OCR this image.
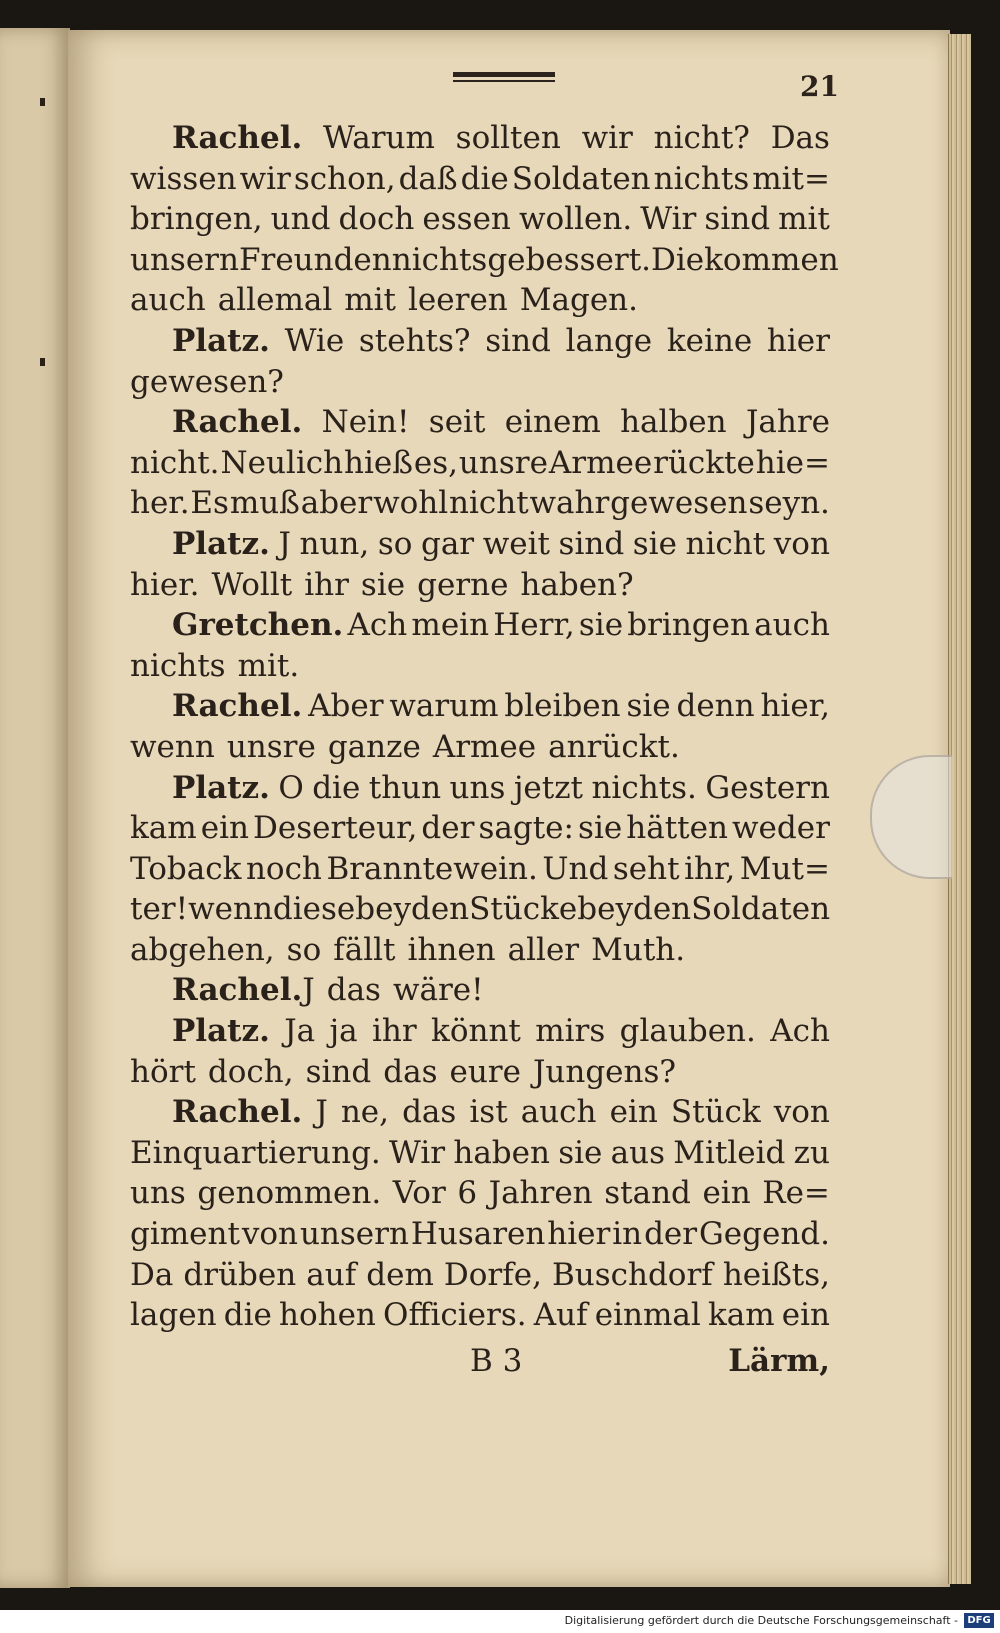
21
Rachel. Warum sollten wir nicht? Das
wissen wir schon, daß die Soldaten nichts mit=
bringen, und doch essen wollen. Wir sind mit
unsern Freunden nichts gebessert. Die kommen
auch allemal mit leeren Magen.
Platz. Wie stehts? sind lange keine hier
gewesen?
Rachel. Nein! seit einem halben Jahre
nicht. Neulich hieß es, unsre Armee rückte hie=
her. Es muß aber wohl nicht wahr gewesen seyn.
Platz. J nun, so gar weit sind sie nicht von
hier. Wollt ihr sie gerne haben?
Gretchen. Ach mein Herr, sie bringen auch
nichts mit.
Rachel. Aber warum bleiben sie denn hier,
wenn unsre ganze Armee anrückt.
Platz. O die thun uns jetzt nichts. Gestern
kam ein Deserteur, der sagte: sie hätten weder
Toback noch Branntewein. Und seht ihr, Mut=
ter! wenn diese beyden Stücke bey den Soldaten
abgehen, so fällt ihnen aller Muth.
Rachel. J das wäre!
Platz. Ja ja ihr könnt mirs glauben. Ach
hört doch, sind das eure Jungens?
Rachel. J ne, das ist auch ein Stück von
Einquartierung. Wir haben sie aus Mitleid zu
uns genommen. Vor 6 Jahren stand ein Re=
giment von unsern Husaren hier in der Gegend.
Da drüben auf dem Dorfe, Buschdorf heißts,
lagen die hohen Officiers. Auf einmal kam ein
B 3	Lärm,
Digitalisierung gefördert durch die Deutsche Forschungsgemeinschaft - DFG
